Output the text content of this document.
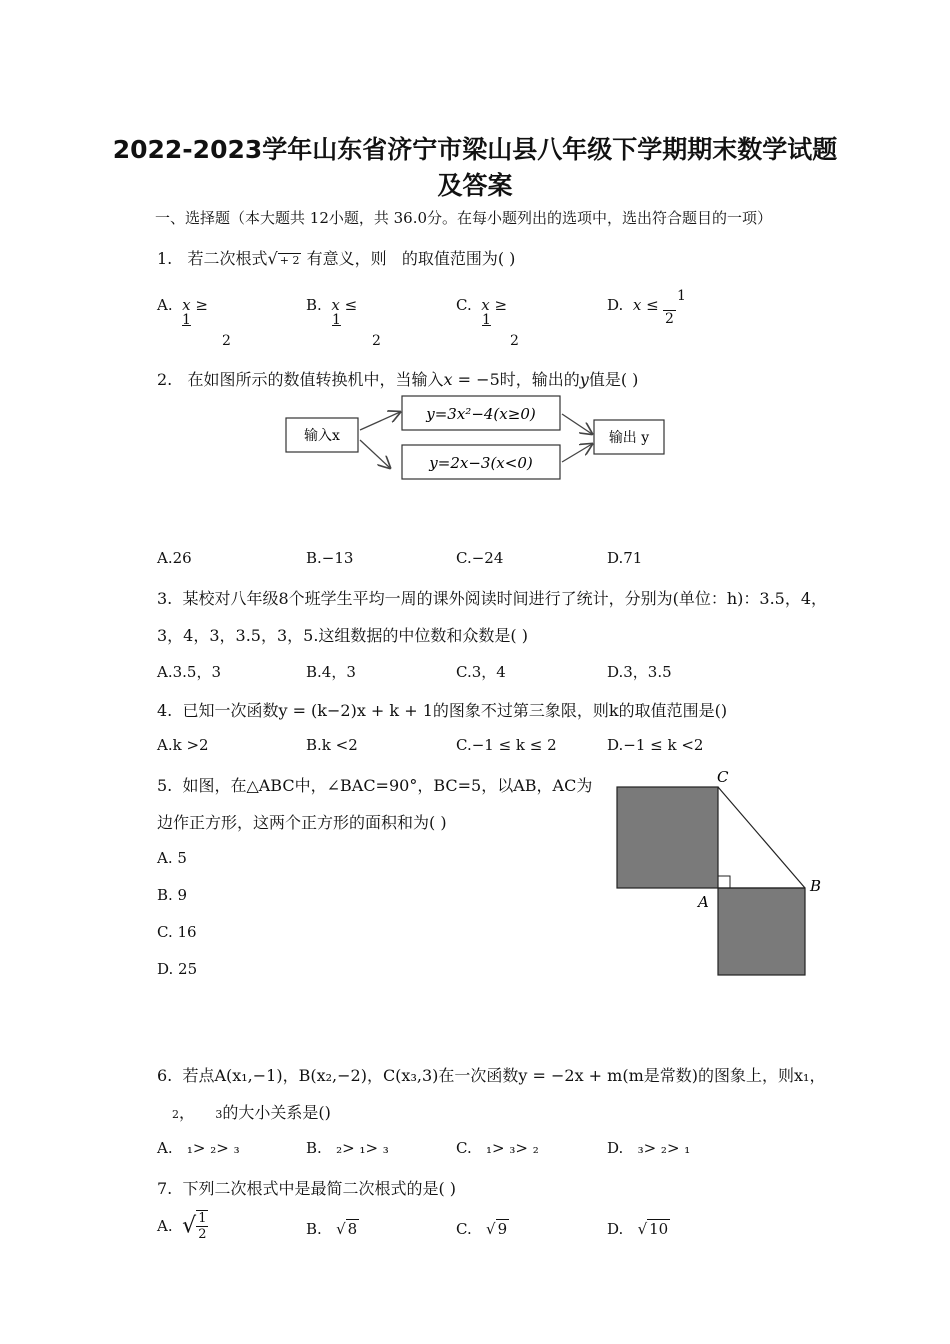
2022-2023学年山东省济宁市梁山县八年级下学期期末数学试题
及答案
一、选择题（本大题共 12小题，共 36.0分。在每小题列出的选项中，选出符合题目的一项）
1. 若二次根式√ + 2 有意义，则 的取值范围为( )
A. x ≥
1
2
B. x ≤
1
2
C. x ≥
1
2
D. x ≤ 1
2
2. 在如图所示的数值转换机中，当输入x = −5时，输出的y值是( )
输入x
y=3x²−4(x≥0)
y=2x−3(x<0)
输出 y
A.26	B.−13	C.−24	D.71
3. 某校对八年级8个班学生平均一周的课外阅读时间进行了统计，分别为(单位：h)：3.5，4，
3，4，3，3.5，3，5.这组数据的中位数和众数是( )
A.3.5，3	B.4，3	C.3，4	D.3，3.5
4. 已知一次函数y = (k−2)x + k + 1的图象不过第三象限，则k的取值范围是()
A.k >2	B.k <2	C.−1 ≤ k ≤ 2	D.−1 ≤ k <2
5. 如图，在△ABC中，∠BAC=90°，BC=5，以AB，AC为
边作正方形，这两个正方形的面积和为( )
A. 5
B. 9
C. 16
D. 25
C
A
B
6. 若点A(x₁,−1)，B(x₂,−2)，C(x₃,3)在一次函数y = −2x + m(m是常数)的图象上，则x₁，
2，    3的大小关系是()
A. ₁> ₂> ₃	B. ₂> ₁> ₃	C. ₁> ₃> ₂	D. ₃> ₂> ₁
7. 下列二次根式中是最简二次根式的是( )
A. √ $\frac{1}{2}$	B. √ 8	C. √ 9	D. √ 10
